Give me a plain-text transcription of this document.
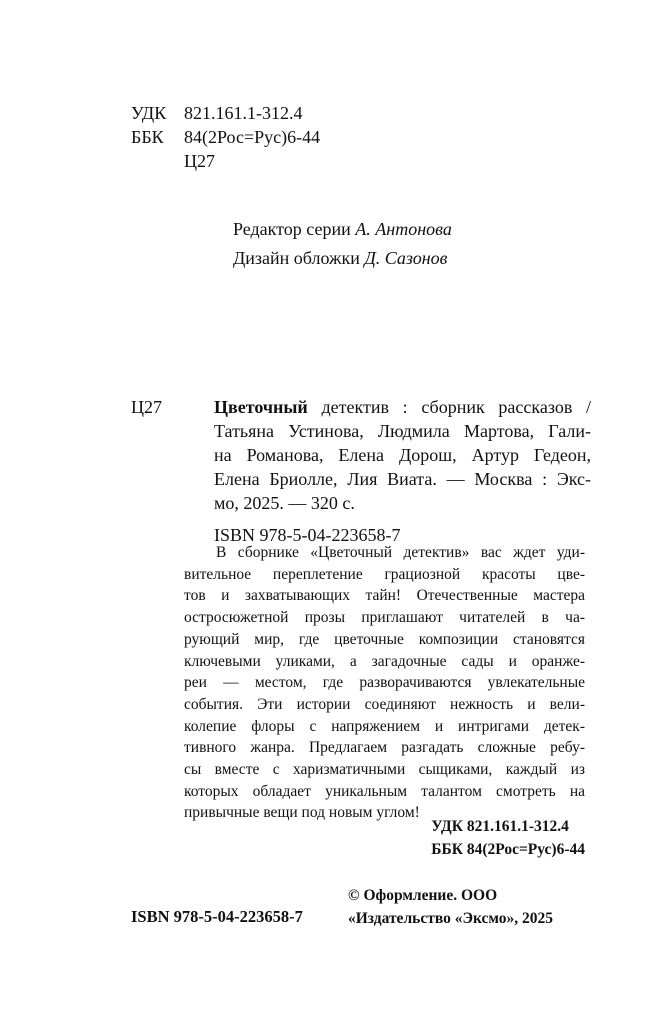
УДК 821.161.1-312.4
ББК 84(2Рос=Рус)6-44
Ц27
Редактор серии А. Антонова
Дизайн обложки Д. Сазонов
Ц27	Цветочный детектив : сборник рассказов /
Татьяна Устинова, Людмила Мартова, Гали-
на Романова, Елена Дорош, Артур Гедеон,
Елена Бриолле, Лия Виата. — Москва : Экс-
мо, 2025. — 320 с.
ISBN 978-5-04-223658-7
В сборнике «Цветочный детектив» вас ждет уди-
вительное переплетение грациозной красоты цве-
тов и захватывающих тайн! Отечественные мастера
остросюжетной прозы приглашают читателей в ча-
рующий мир, где цветочные композиции становятся
ключевыми уликами, а загадочные сады и оранже-
реи — местом, где разворачиваются увлекательные
события. Эти истории соединяют нежность и вели-
колепие флоры с напряжением и интригами детек-
тивного жанра. Предлагаем разгадать сложные ребу-
сы вместе с харизматичными сыщиками, каждый из
которых обладает уникальным талантом смотреть на
привычные вещи под новым углом!
УДК 821.161.1-312.4
ББК 84(2Рос=Рус)6-44
ISBN 978-5-04-223658-7
© Оформление. ООО
«Издательство «Эксмо», 2025
